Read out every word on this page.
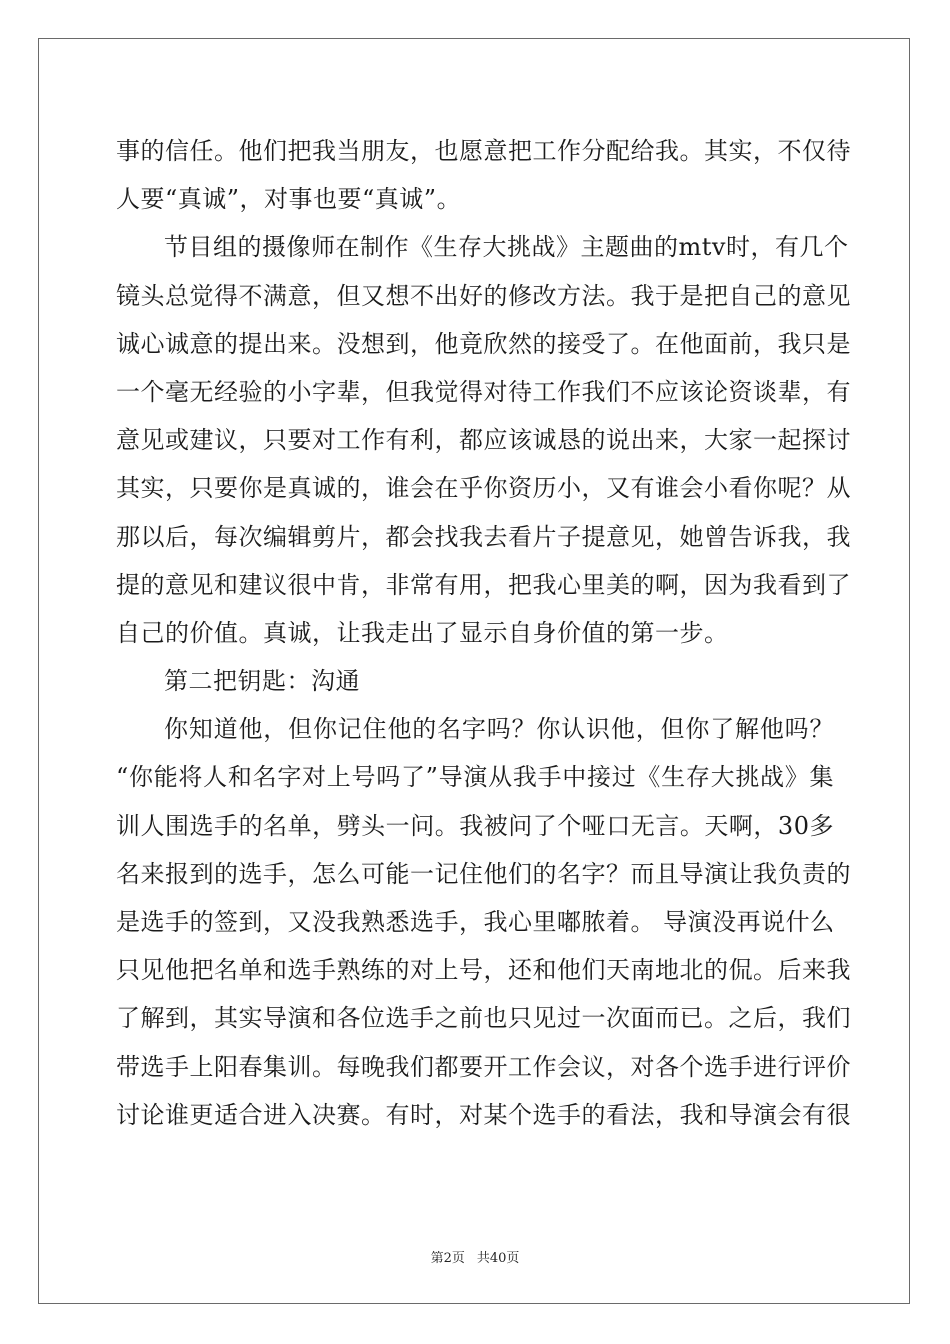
事的信任。他们把我当朋友，也愿意把工作分配给我。其实，不仅待

人要“真诚”，对事也要“真诚”。

节目组的摄像师在制作《生存大挑战》主题曲的mtv时，有几个

镜头总觉得不满意，但又想不出好的修改方法。我于是把自己的意见

诚心诚意的提出来。没想到，他竟欣然的接受了。在他面前，我只是

一个毫无经验的小字辈，但我觉得对待工作我们不应该论资谈辈，有

意见或建议，只要对工作有利，都应该诚恳的说出来，大家一起探讨

其实，只要你是真诚的，谁会在乎你资历小，又有谁会小看你呢？从

那以后，每次编辑剪片，都会找我去看片子提意见，她曾告诉我，我

提的意见和建议很中肯，非常有用，把我心里美的啊，因为我看到了

自己的价值。真诚，让我走出了显示自身价值的第一步。

第二把钥匙：沟通

你知道他，但你记住他的名字吗？你认识他，但你了解他吗？

“你能将人和名字对上号吗了”导演从我手中接过《生存大挑战》集

训人围选手的名单，劈头一问。我被问了个哑口无言。天啊，30多

名来报到的选手，怎么可能一记住他们的名字？而且导演让我负责的

是选手的签到，又没我熟悉选手，我心里嘟脓着。 导演没再说什么

只见他把名单和选手熟练的对上号，还和他们天南地北的侃。后来我

了解到，其实导演和各位选手之前也只见过一次面而已。之后，我们

带选手上阳春集训。每晚我们都要开工作会议，对各个选手进行评价

讨论谁更适合进入决赛。有时，对某个选手的看法，我和导演会有很

第2页 共40页
